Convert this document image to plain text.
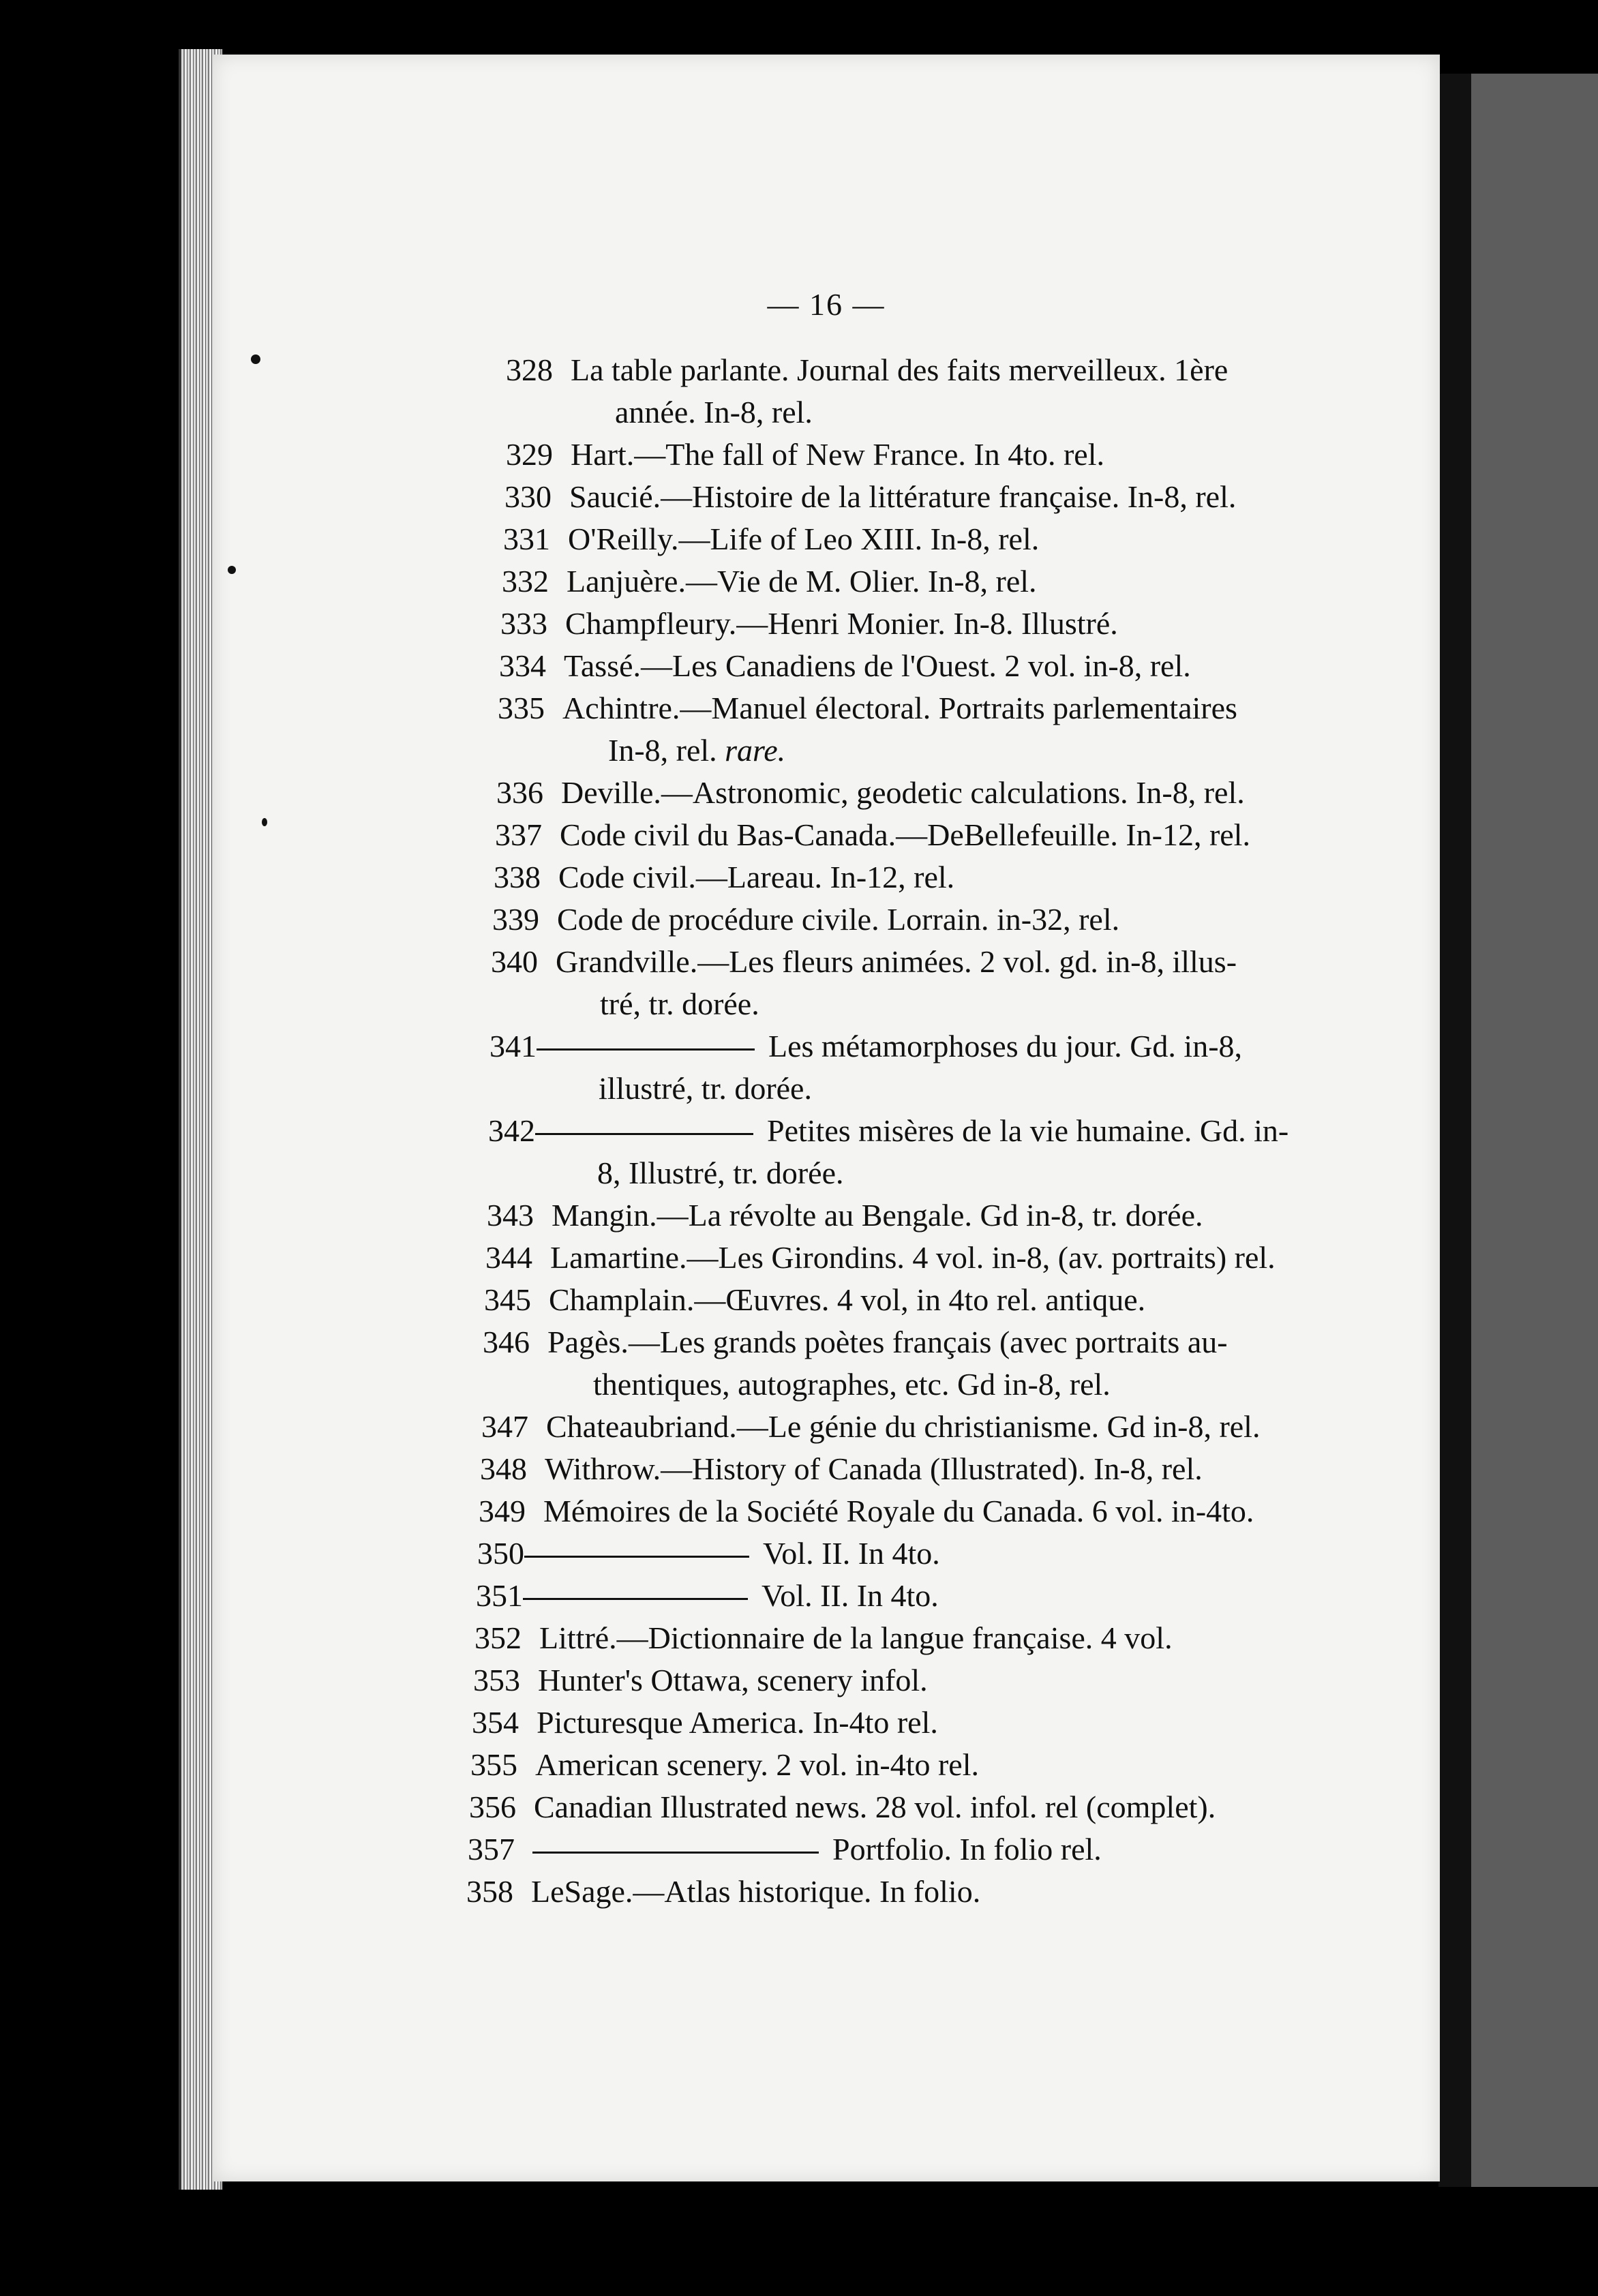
— 16 —
328 La table parlante. Journal des faits merveilleux. 1ère
année. In-8, rel.
329 Hart.—The fall of New France. In 4to. rel.
330 Saucié.—Histoire de la littérature française. In-8, rel.
331 O'Reilly.—Life of Leo XIII. In-8, rel.
332 Lanjuère.—Vie de M. Olier. In-8, rel.
333 Champfleury.—Henri Monier. In-8. Illustré.
334 Tassé.—Les Canadiens de l'Ouest. 2 vol. in-8, rel.
335 Achintre.—Manuel électoral. Portraits parlementaires
In-8, rel. rare.
336 Deville.—Astronomic, geodetic calculations. In-8, rel.
337 Code civil du Bas-Canada.—DeBellefeuille. In-12, rel.
338 Code civil.—Lareau. In-12, rel.
339 Code de procédure civile. Lorrain. in-32, rel.
340 Grandville.—Les fleurs animées. 2 vol. gd. in-8, illus-
tré, tr. dorée.
341	Les métamorphoses du jour. Gd. in-8,
illustré, tr. dorée.
342	Petites misères de la vie humaine. Gd. in-
8, Illustré, tr. dorée.
343 Mangin.—La révolte au Bengale. Gd in-8, tr. dorée.
344 Lamartine.—Les Girondins. 4 vol. in-8, (av. portraits) rel.
345 Champlain.—Œuvres. 4 vol, in 4to rel. antique.
346 Pagès.—Les grands poètes français (avec portraits au-
thentiques, autographes, etc. Gd in-8, rel.
347 Chateaubriand.—Le génie du christianisme. Gd in-8, rel.
348 Withrow.—History of Canada (Illustrated). In-8, rel.
349 Mémoires de la Société Royale du Canada. 6 vol. in-4to.
350	Vol. II. In 4to.
351	Vol. II. In 4to.
352 Littré.—Dictionnaire de la langue française. 4 vol.
353 Hunter's Ottawa, scenery infol.
354 Picturesque America. In-4to rel.
355 American scenery. 2 vol. in-4to rel.
356 Canadian Illustrated news. 28 vol. infol. rel (complet).
357	Portfolio. In folio rel.
358 LeSage.—Atlas historique. In folio.
